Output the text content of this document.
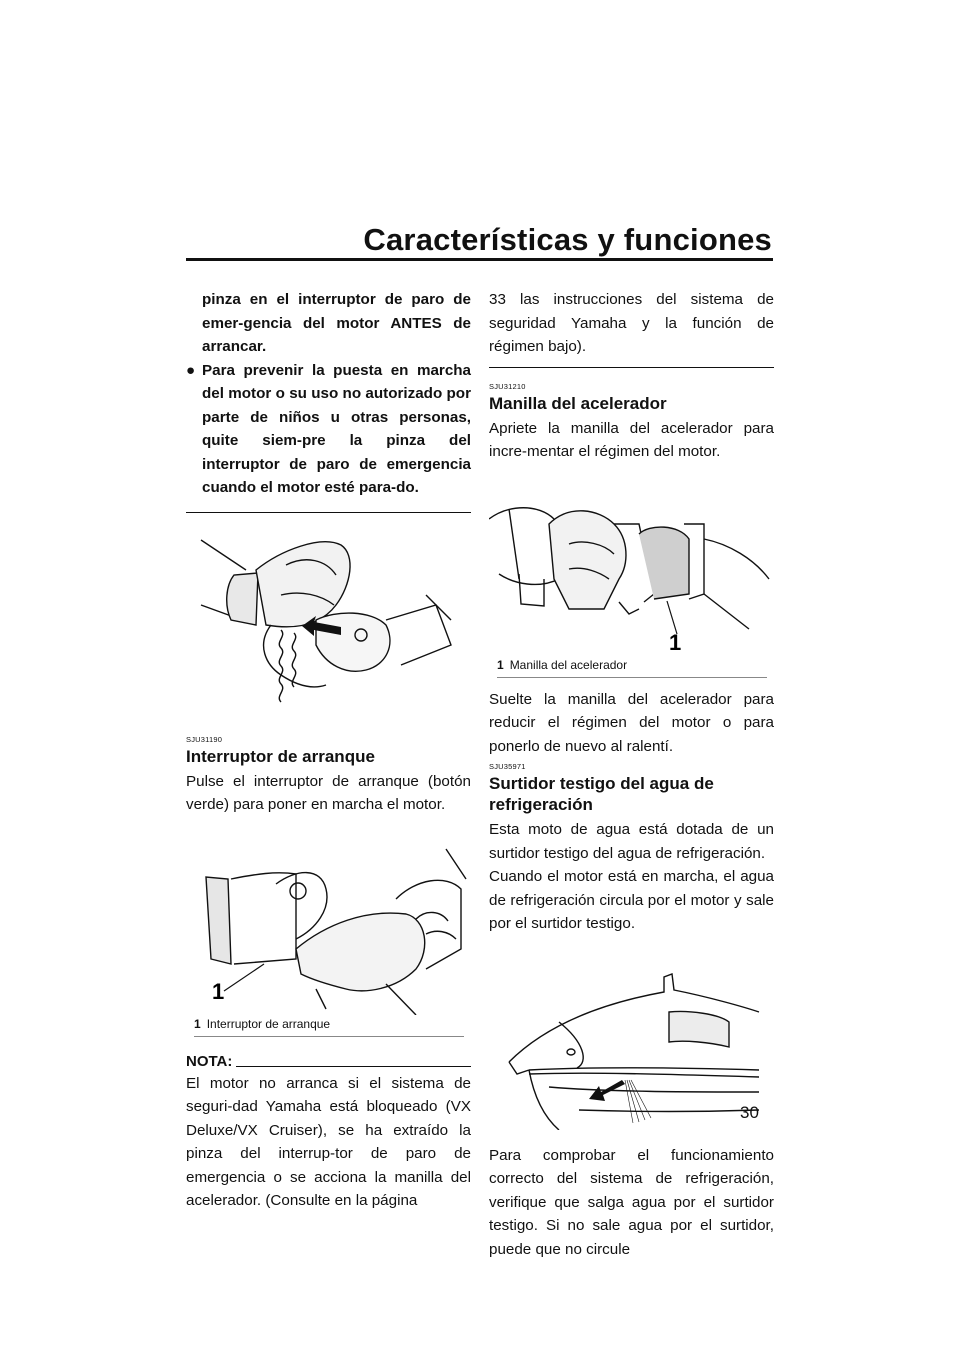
Características y funciones

pinza en el interruptor de paro de emer-gencia del motor ANTES de arrancar.

● Para prevenir la puesta en marcha del motor o su uso no autorizado por parte de niños u otras personas, quite siem-pre la pinza del interruptor de paro de emergencia cuando el motor esté para-do.

SJU31190
Interruptor de arranque

Pulse el interruptor de arranque (botón verde) para poner en marcha el motor.

1
1 Interruptor de arranque
NOTA:

El motor no arranca si el sistema de seguri-dad Yamaha está bloqueado (VX Deluxe/VX Cruiser), se ha extraído la pinza del interrup-tor de paro de emergencia o se acciona la manilla del acelerador. (Consulte en la página

33 las instrucciones del sistema de seguridad Yamaha y la función de régimen bajo).

SJU31210
Manilla del acelerador

Apriete la manilla del acelerador para incre-mentar el régimen del motor.

1
1 Manilla del acelerador

Suelte la manilla del acelerador para reducir el régimen del motor o para ponerlo de nuevo al ralentí.

SJU35971
Surtidor testigo del agua de refrigeración

Esta moto de agua está dotada de un surtidor testigo del agua de refrigeración.

Cuando el motor está en marcha, el agua de refrigeración circula por el motor y sale por el surtidor testigo.

Para comprobar el funcionamiento correcto del sistema de refrigeración, verifique que salga agua por el surtidor testigo. Si no sale agua por el surtidor, puede que no circule

30
